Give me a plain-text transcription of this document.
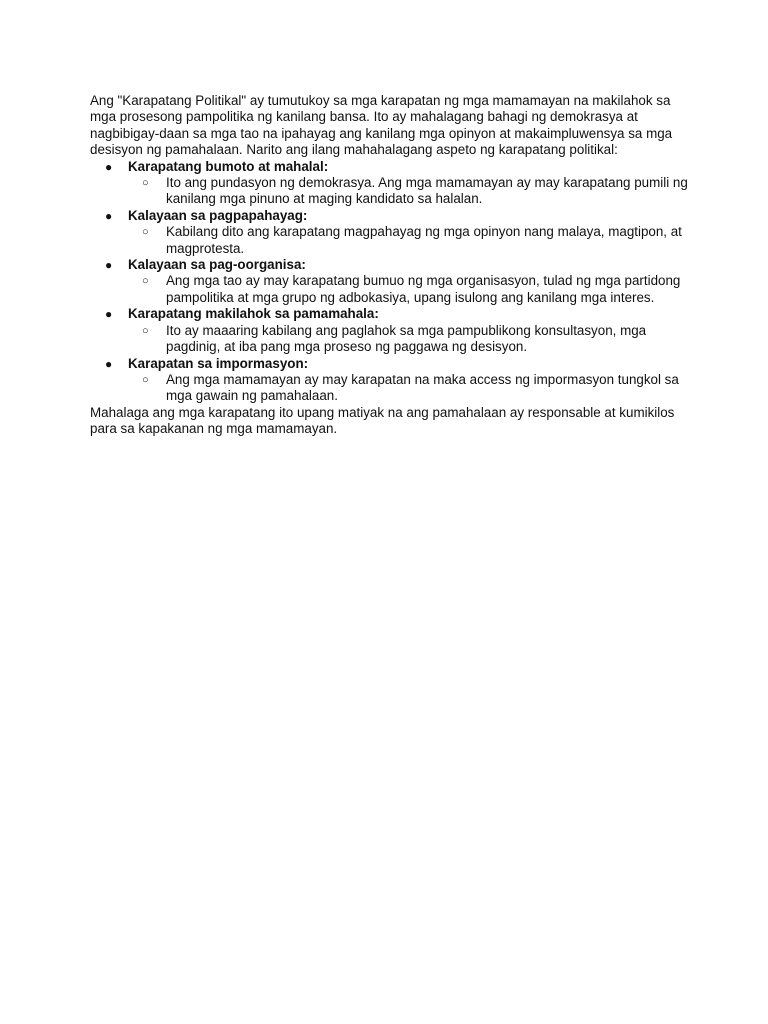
Ang "Karapatang Politikal" ay tumutukoy sa mga karapatan ng mga mamamayan na makilahok sa mga prosesong pampolitika ng kanilang bansa. Ito ay mahalagang bahagi ng demokrasya at nagbibigay-daan sa mga tao na ipahayag ang kanilang mga opinyon at makaimpluwensya sa mga desisyon ng pamahalaan. Narito ang ilang mahahalagang aspeto ng karapatang politikal:

● Karapatang bumoto at mahalal:
○ Ito ang pundasyon ng demokrasya. Ang mga mamamayan ay may karapatang pumili ng kanilang mga pinuno at maging kandidato sa halalan.
● Kalayaan sa pagpapahayag:
○ Kabilang dito ang karapatang magpahayag ng mga opinyon nang malaya, magtipon, at magprotesta.
● Kalayaan sa pag-oorganisa:
○ Ang mga tao ay may karapatang bumuo ng mga organisasyon, tulad ng mga partidong pampolitika at mga grupo ng adbokasiya, upang isulong ang kanilang mga interes.
● Karapatang makilahok sa pamamahala:
○ Ito ay maaaring kabilang ang paglahok sa mga pampublikong konsultasyon, mga pagdinig, at iba pang mga proseso ng paggawa ng desisyon.
● Karapatan sa impormasyon:
○ Ang mga mamamayan ay may karapatan na maka access ng impormasyon tungkol sa mga gawain ng pamahalaan.

Mahalaga ang mga karapatang ito upang matiyak na ang pamahalaan ay responsable at kumikilos para sa kapakanan ng mga mamamayan.
